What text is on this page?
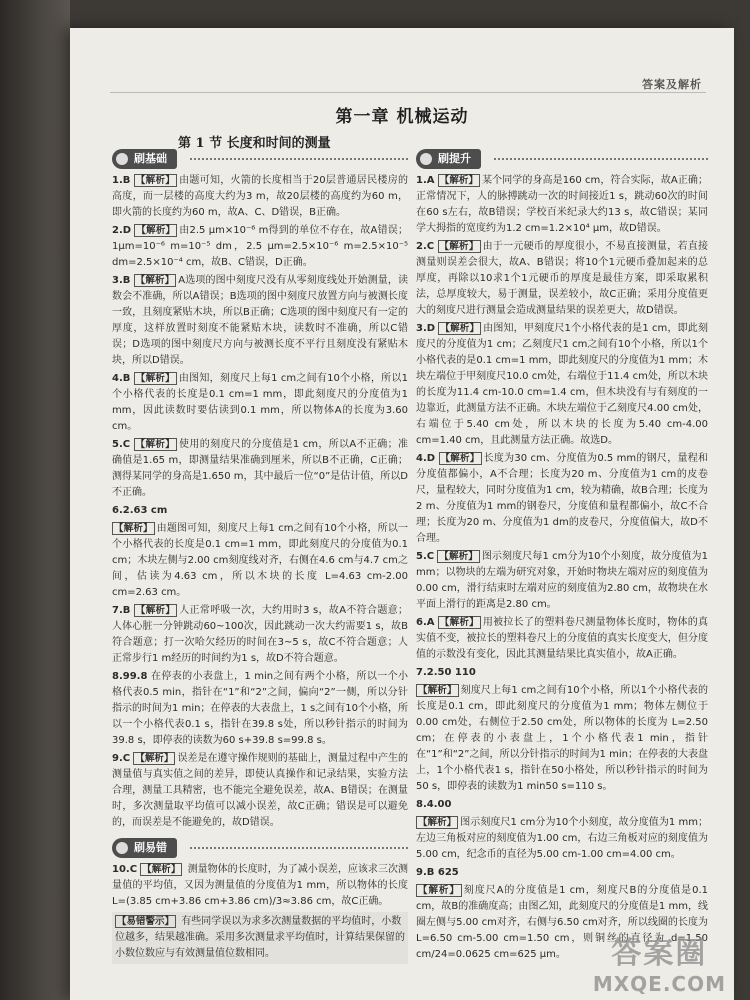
答案及解析
第一章 机械运动
第 1 节 长度和时间的测量
刷基础
1.B 【解析】 由题可知，火箭的长度相当于20层普通居民楼房的高度，而一层楼的高度大约为3 m，故20层楼的高度约为60 m，即火箭的长度约为60 m，故A、C、D错误，B正确。
2.D 【解析】 由2.5 μm×10⁻⁶ m得到的单位不存在，故A错误；1μm=10⁻⁶ m=10⁻⁵ dm，2.5 μm=2.5×10⁻⁶ m=2.5×10⁻⁵ dm=2.5×10⁻⁴ cm，故B、C错误，D正确。
3.B 【解析】 A选项的图中刻度尺没有从零刻度线处开始测量，读数会不准确，所以A错误；B选项的图中刻度尺放置方向与被测长度一致，且刻度紧贴木块，所以B正确；C选项的图中刻度尺有一定的厚度，这样放置时刻度不能紧贴木块，读数时不准确，所以C错误；D选项的图中刻度尺方向与被测长度不平行且刻度没有紧贴木块，所以D错误。
4.B 【解析】 由图知，刻度尺上每1 cm之间有10个小格，所以1个小格代表的长度是0.1 cm=1 mm，即此刻度尺的分度值为1 mm，因此读数时要估读到0.1 mm，所以物体A的长度为3.60 cm。
5.C 【解析】 使用的刻度尺的分度值是1 cm，所以A不正确；准确值是1.65 m，即测量结果准确到厘米，所以B不正确，C正确；测得某同学的身高是1.650 m，其中最后一位“0”是估计值，所以D不正确。
6.2.63 cm
【解析】 由题图可知，刻度尺上每1 cm之间有10个小格，所以一个小格代表的长度是0.1 cm=1 mm，即此刻度尺的分度值为0.1 cm；木块左侧与2.00 cm刻度线对齐，右侧在4.6 cm与4.7 cm之间，估读为4.63 cm，所以木块的长度 L=4.63 cm-2.00 cm=2.63 cm。
7.B 【解析】 人正常呼吸一次，大约用时3 s，故A不符合题意；人体心脏一分钟跳动60~100次，因此跳动一次大约需要1 s，故B符合题意；打一次哈欠经历的时间在3~5 s，故C不符合题意；人正常步行1 m经历的时间约为1 s，故D不符合题意。
8.99.8 在停表的小表盘上，1 min之间有两个小格，所以一个小格代表0.5 min，指针在“1”和“2”之间，偏向“2”一侧，所以分针指示的时间为1 min；在停表的大表盘上，1 s之间有10个小格，所以一个小格代表0.1 s，指针在39.8 s处，所以秒针指示的时间为39.8 s，即停表的读数为60 s+39.8 s=99.8 s。
9.C 【解析】 误差是在遵守操作规则的基础上，测量过程中产生的测量值与真实值之间的差异，即使认真操作和记录结果，实验方法合理，测量工具精密，也不能完全避免误差，故A、B错误；在测量时，多次测量取平均值可以减小误差，故C正确；错误是可以避免的，而误差是不能避免的，故D错误。
刷易错
10.C 【解析】 测量物体的长度时，为了减小误差，应该求三次测量值的平均值，又因为测量值的分度值为1 mm，所以物体的长度 L=(3.85 cm+3.86 cm+3.86 cm)/3≈3.86 cm，故C正确。
【易错警示】 有些同学误以为求多次测量数据的平均值时，小数位越多，结果越准确。采用多次测量求平均值时，计算结果保留的小数位数应与有效测量值位数相同。
刷提升
1.A 【解析】 某个同学的身高是160 cm，符合实际，故A正确；正常情况下，人的脉搏跳动一次的时间接近1 s，跳动60次的时间在60 s左右，故B错误；学校百米纪录大约13 s，故C错误；某同学大拇指的宽度约为1.2 cm=1.2×10⁴ μm，故D错误。
2.C 【解析】 由于一元硬币的厚度很小，不易直接测量，若直接测量则误差会很大，故A、B错误；将10个1元硬币叠加起来的总厚度，再除以10求1个1元硬币的厚度是最佳方案，即采取累积法，总厚度较大，易于测量，误差较小，故C正确；采用分度值更大的刻度尺进行测量会造成测量结果的误差更大，故D错误。
3.D 【解析】 由图知，甲刻度尺1个小格代表的是1 cm，即此刻度尺的分度值为1 cm；乙刻度尺1 cm之间有10个小格，所以1个小格代表的是0.1 cm=1 mm，即此刻度尺的分度值为1 mm；木块左端位于甲刻度尺10.0 cm处，右端位于11.4 cm处，所以木块的长度为11.4 cm-10.0 cm=1.4 cm，但木块没有与有刻度的一边靠近，此测量方法不正确。木块左端位于乙刻度尺4.00 cm处，右端位于5.40 cm处，所以木块的长度为5.40 cm-4.00 cm=1.40 cm，且此测量方法正确。故选D。
4.D 【解析】 长度为30 cm、分度值为0.5 mm的钢尺，量程和分度值都偏小，A不合理；长度为20 m、分度值为1 cm的皮卷尺，量程较大，同时分度值为1 cm，较为精确，故B合理；长度为2 m、分度值为1 mm的钢卷尺，分度值和量程都偏小，故C不合理；长度为20 m、分度值为1 dm的皮卷尺，分度值偏大，故D不合理。
5.C 【解析】 图示刻度尺每1 cm分为10个小刻度，故分度值为1 mm；以物块的左端为研究对象，开始时物块左端对应的刻度值为0.00 cm，滑行结束时左端对应的刻度值为2.80 cm，故物块在水平面上滑行的距离是2.80 cm。
6.A 【解析】 用被拉长了的塑料卷尺测量物体长度时，物体的真实值不变，被拉长的塑料卷尺上的分度值的真实长度变大，但分度值的示数没有变化，因此其测量结果比真实值小，故A正确。
7.2.50 110
【解析】 刻度尺上每1 cm之间有10个小格，所以1个小格代表的长度是0.1 cm，即此刻度尺的分度值为1 mm；物体左侧位于0.00 cm处，右侧位于2.50 cm处，所以物体的长度为 L=2.50 cm；在停表的小表盘上，1个小格代表1 min，指针在“1”和“2”之间，所以分针指示的时间为1 min；在停表的大表盘上，1个小格代表1 s，指针在50小格处，所以秒针指示的时间为50 s，即停表的读数为1 min50 s=110 s。
8.4.00
【解析】 图示刻度尺1 cm分为10个小刻度，故分度值为1 mm；左边三角板对应的刻度值为1.00 cm，右边三角板对应的刻度值为5.00 cm，纪念币的直径为5.00 cm-1.00 cm=4.00 cm。
9.B 625
【解析】 刻度尺A的分度值是1 cm，刻度尺B的分度值是0.1 cm，故B的准确度高；由图乙知，此刻度尺的分度值是1 mm，线圈左侧与5.00 cm对齐，右侧与6.50 cm对齐，所以线圈的长度为 L=6.50 cm-5.00 cm=1.50 cm，则铜丝的直径为 d=1.50 cm/24=0.0625 cm=625 μm。	答案圈
MXQE.COM
